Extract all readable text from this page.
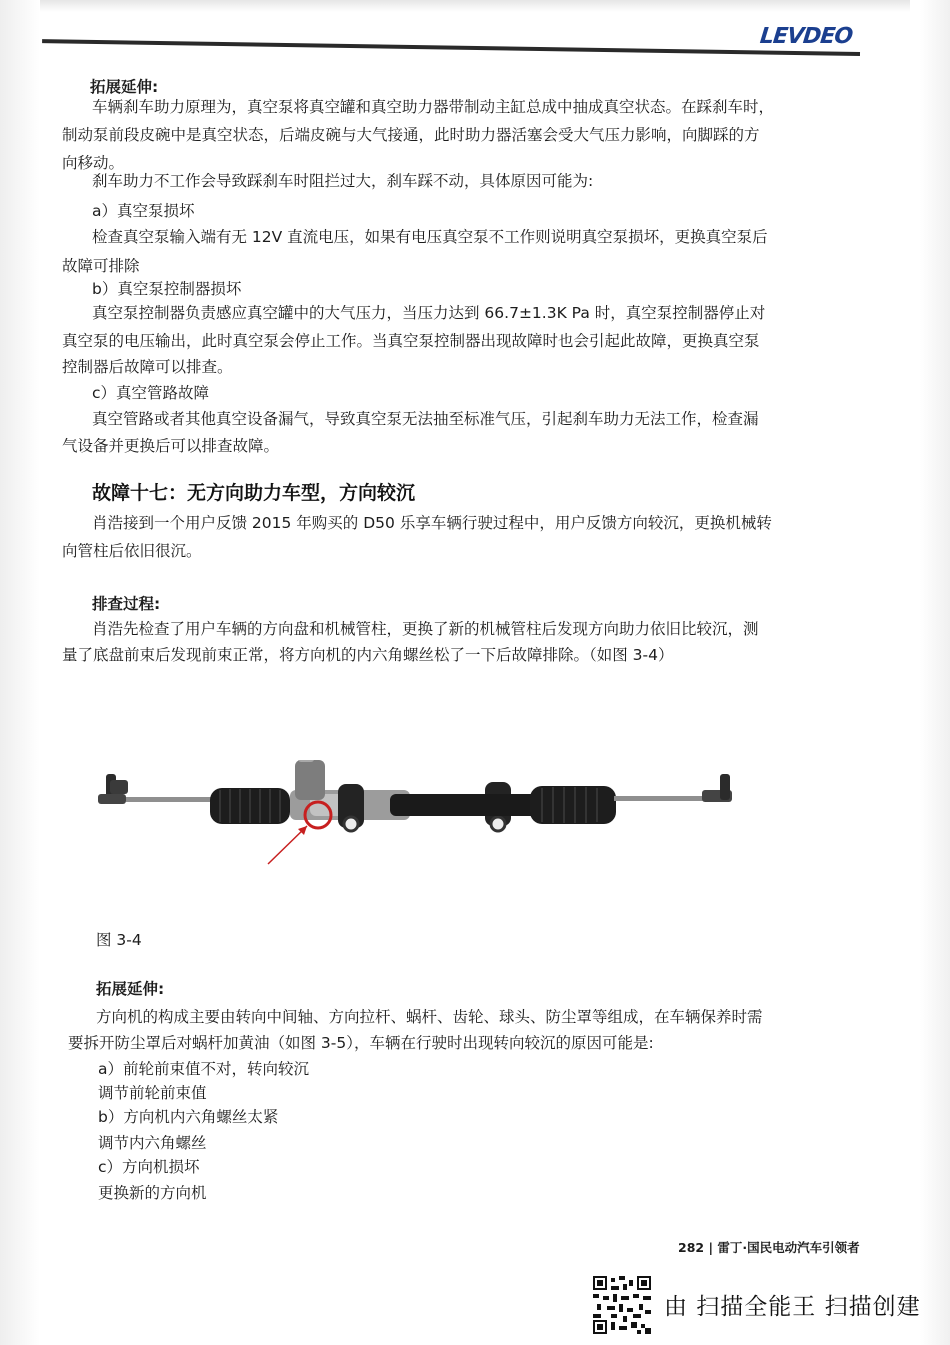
LEVDEO
拓展延伸:
车辆刹车助力原理为，真空泵将真空罐和真空助力器带制动主缸总成中抽成真空状态。在踩刹车时，
制动泵前段皮碗中是真空状态，后端皮碗与大气接通，此时助力器活塞会受大气压力影响，向脚踩的方
向移动。
刹车助力不工作会导致踩刹车时阻拦过大，刹车踩不动，具体原因可能为:
a）真空泵损坏
检查真空泵输入端有无 12V 直流电压，如果有电压真空泵不工作则说明真空泵损坏，更换真空泵后
故障可排除
b）真空泵控制器损坏
真空泵控制器负责感应真空罐中的大气压力，当压力达到 66.7±1.3K Pa 时，真空泵控制器停止对
真空泵的电压输出，此时真空泵会停止工作。当真空泵控制器出现故障时也会引起此故障，更换真空泵
控制器后故障可以排查。
c）真空管路故障
真空管路或者其他真空设备漏气，导致真空泵无法抽至标准气压，引起刹车助力无法工作，检查漏
气设备并更换后可以排查故障。
故障十七：无方向助力车型，方向较沉
肖浩接到一个用户反馈 2015 年购买的 D50 乐享车辆行驶过程中，用户反馈方向较沉，更换机械转
向管柱后依旧很沉。
排查过程:
肖浩先检查了用户车辆的方向盘和机械管柱，更换了新的机械管柱后发现方向助力依旧比较沉，测
量了底盘前束后发现前束正常，将方向机的内六角螺丝松了一下后故障排除。（如图 3-4）
图 3-4
拓展延伸:
方向机的构成主要由转向中间轴、方向拉杆、蜗杆、齿轮、球头、防尘罩等组成，在车辆保养时需
要拆开防尘罩后对蜗杆加黄油（如图 3-5），车辆在行驶时出现转向较沉的原因可能是:
a）前轮前束值不对，转向较沉
调节前轮前束值
b）方向机内六角螺丝太紧
调节内六角螺丝
c）方向机损坏
更换新的方向机
282 | 雷丁·国民电动汽车引领者
由 扫描全能王 扫描创建
